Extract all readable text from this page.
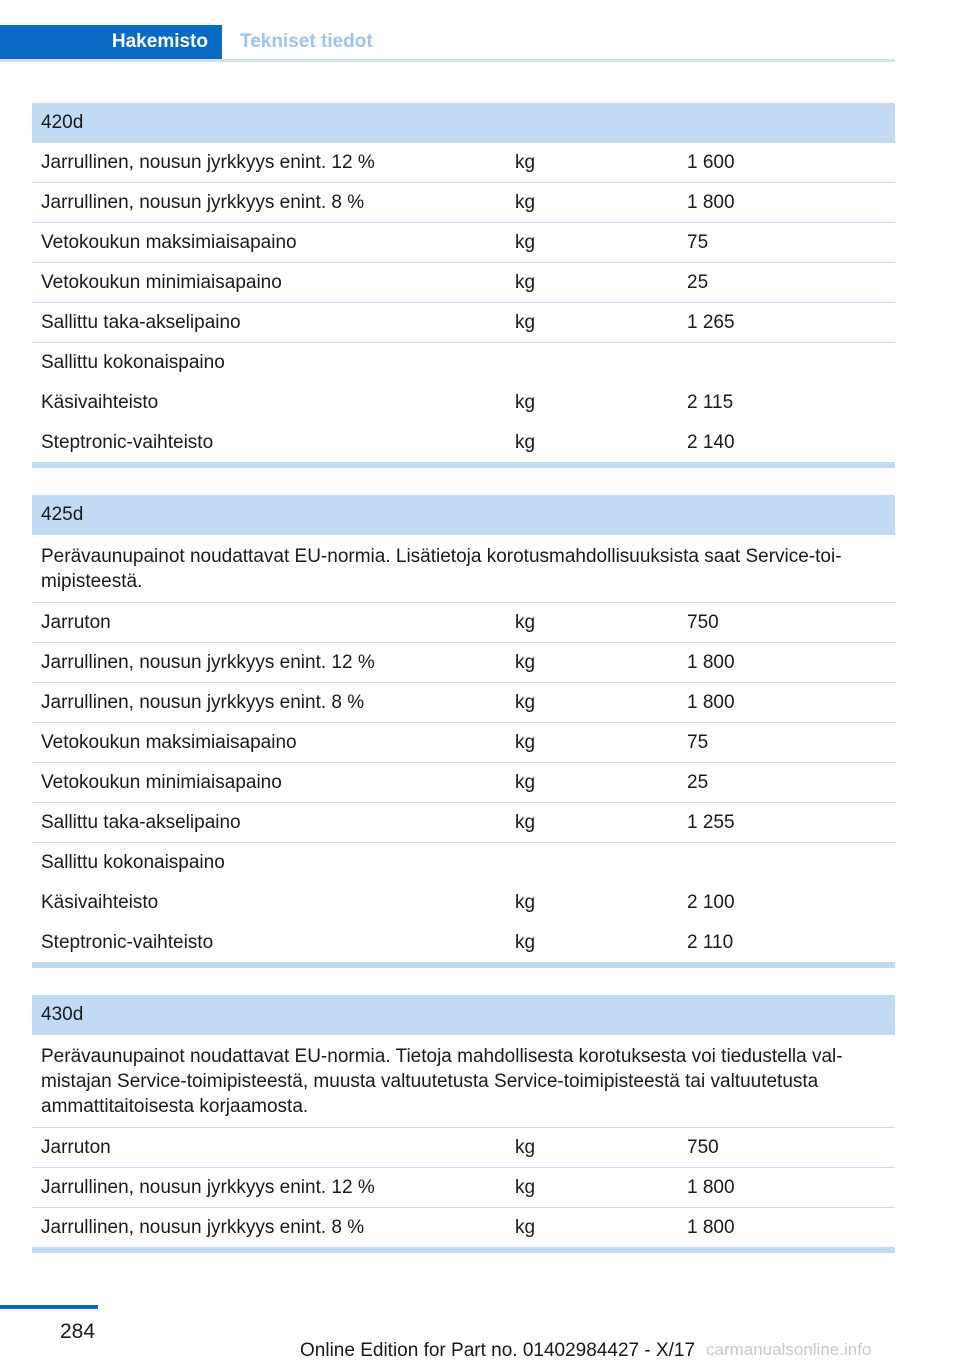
Hakemisto	Tekniset tiedot
420d
Jarrullinen, nousun jyrkkyys enint. 12 %	kg	1 600
Jarrullinen, nousun jyrkkyys enint. 8 %	kg	1 800
Vetokoukun maksimiaisapaino	kg	75
Vetokoukun minimiaisapaino	kg	25
Sallittu taka-akselipaino	kg	1 265
Sallittu kokonaispaino
Käsivaihteisto	kg	2 115
Steptronic-vaihteisto	kg	2 140
425d
Perävaunupainot noudattavat EU-normia. Lisätietoja korotusmahdollisuuksista saat Service-toi-
mipisteestä.
Jarruton	kg	750
Jarrullinen, nousun jyrkkyys enint. 12 %	kg	1 800
Jarrullinen, nousun jyrkkyys enint. 8 %	kg	1 800
Vetokoukun maksimiaisapaino	kg	75
Vetokoukun minimiaisapaino	kg	25
Sallittu taka-akselipaino	kg	1 255
Sallittu kokonaispaino
Käsivaihteisto	kg	2 100
Steptronic-vaihteisto	kg	2 110
430d
Perävaunupainot noudattavat EU-normia. Tietoja mahdollisesta korotuksesta voi tiedustella val-
mistajan Service-toimipisteestä, muusta valtuutetusta Service-toimipisteestä tai valtuutetusta
ammattitaitoisesta korjaamosta.
Jarruton	kg	750
Jarrullinen, nousun jyrkkyys enint. 12 %	kg	1 800
Jarrullinen, nousun jyrkkyys enint. 8 %	kg	1 800
284
Online Edition for Part no. 01402984427 - X/17 carmanualsonline.info
